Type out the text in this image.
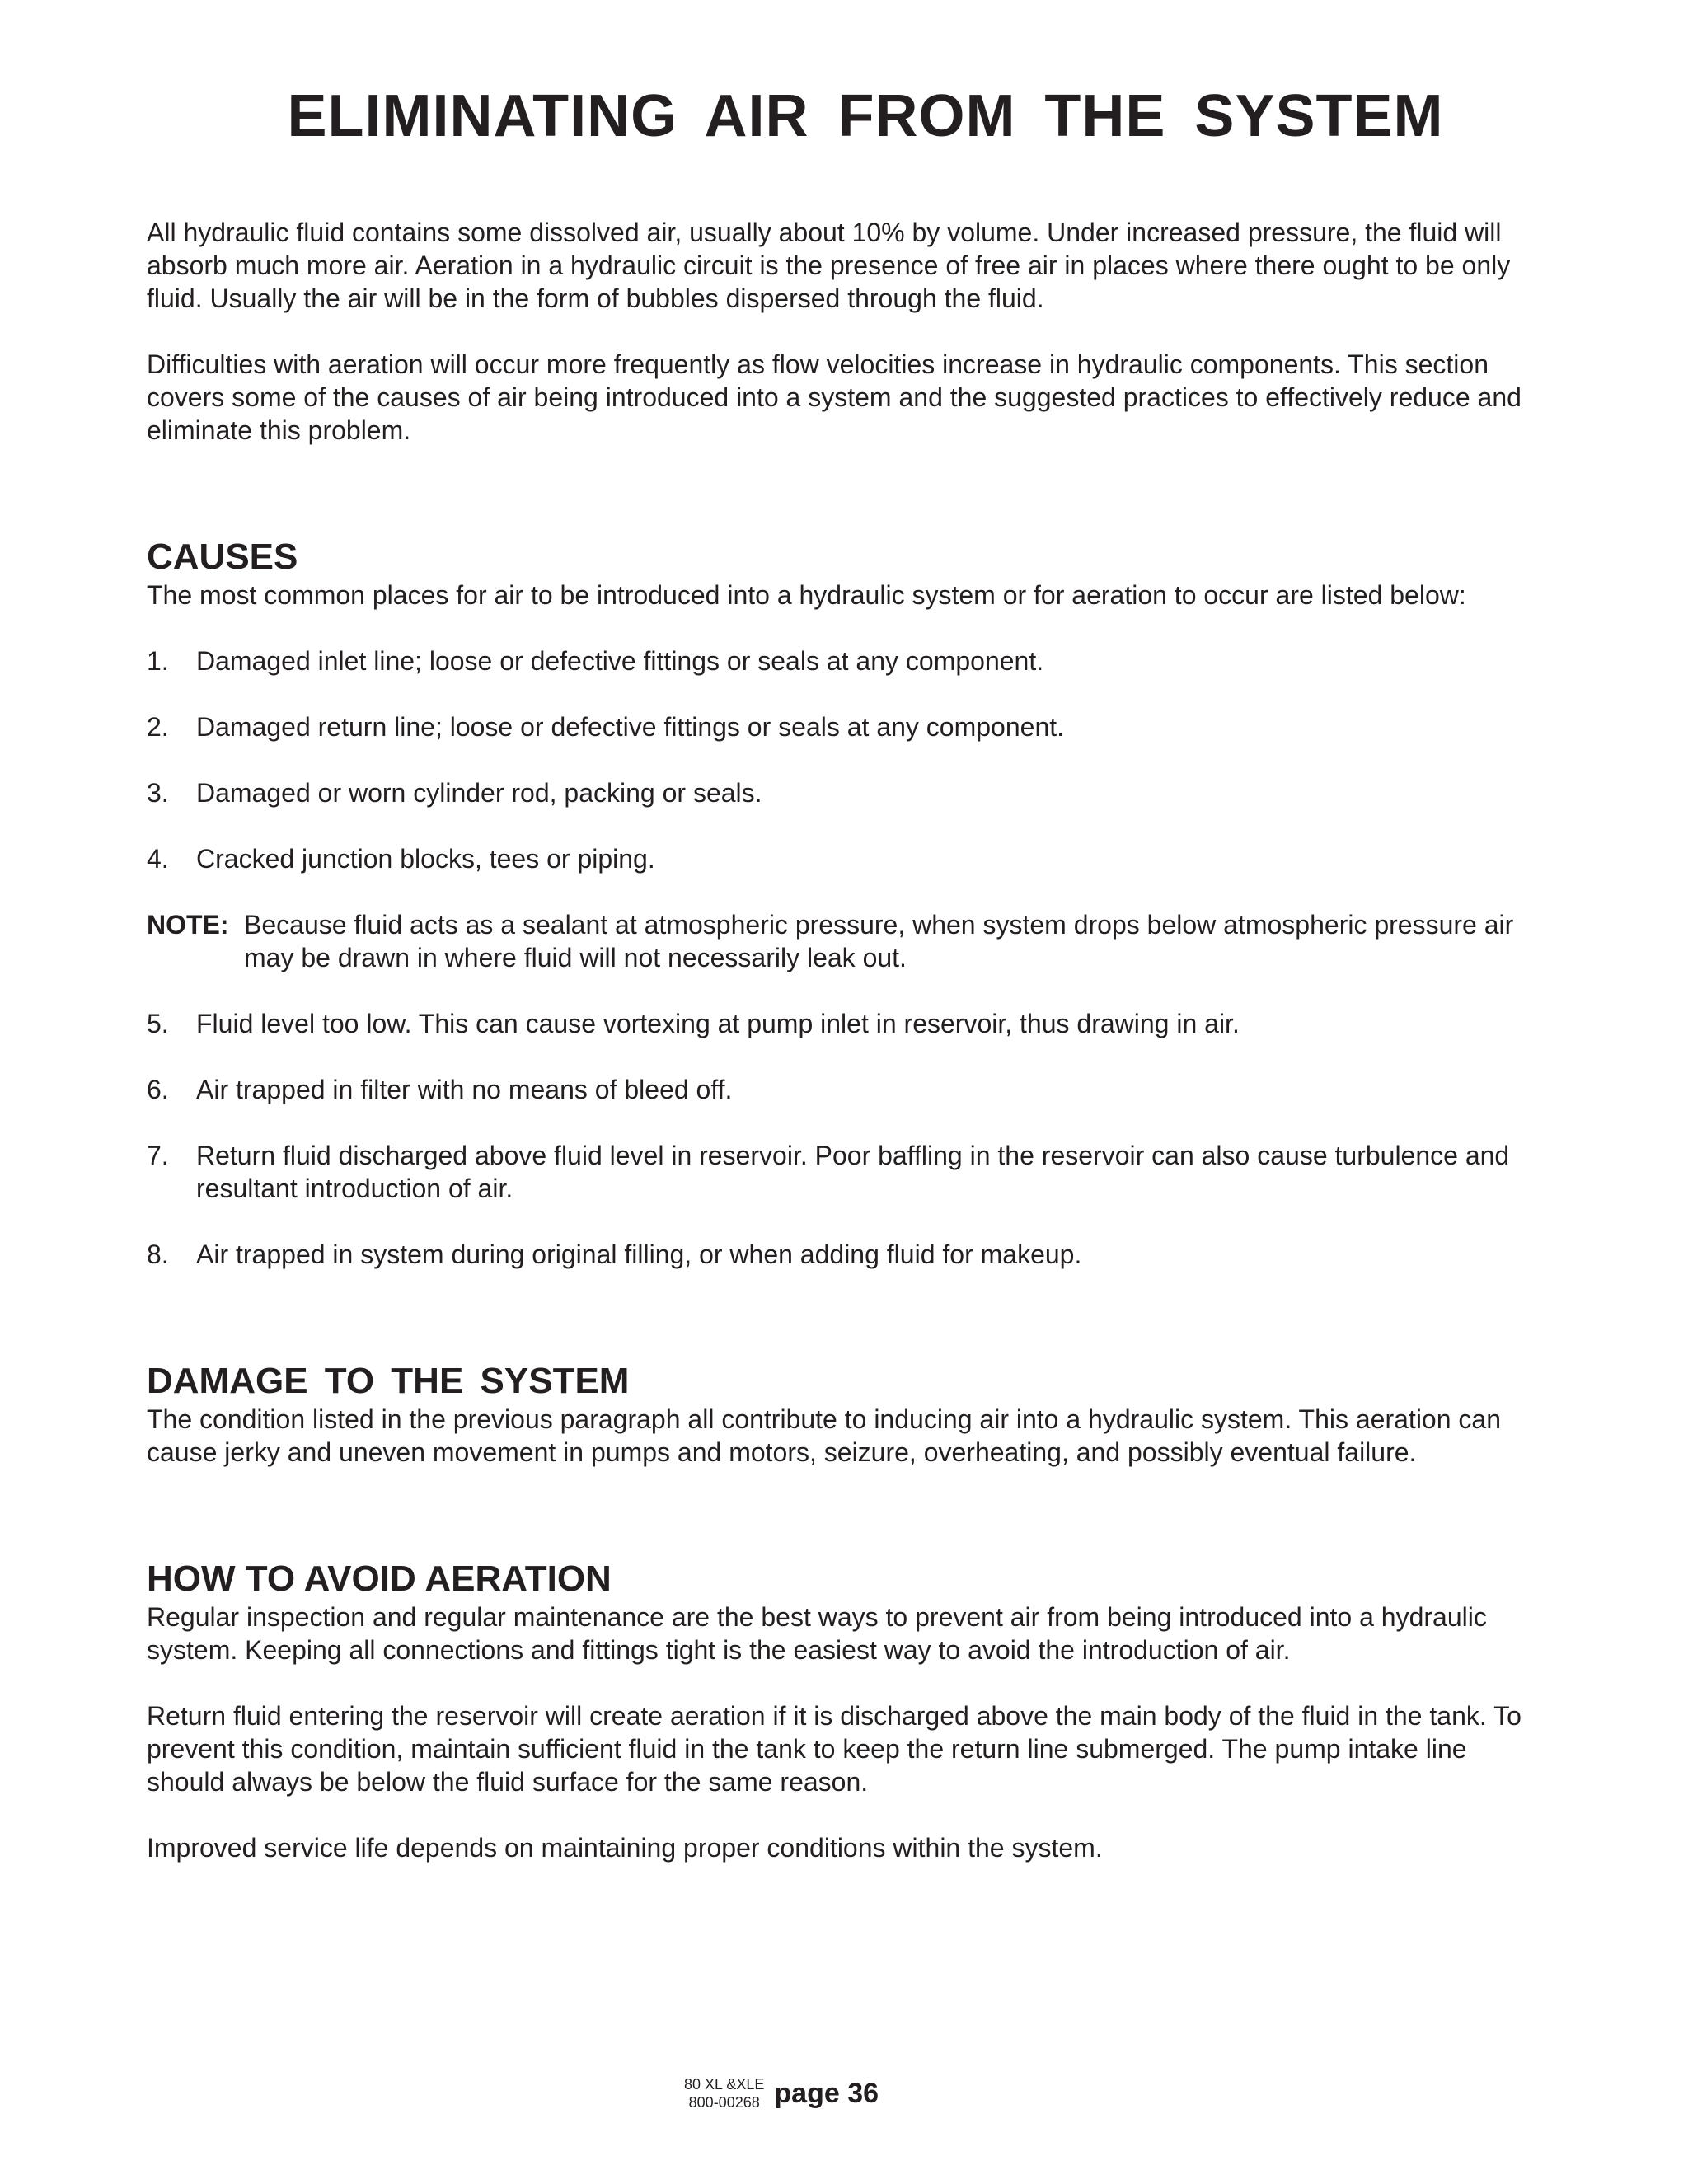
ELIMINATING AIR FROM THE SYSTEM

All hydraulic fluid contains some dissolved air, usually about 10% by volume. Under increased pressure, the fluid will absorb much more air. Aeration in a hydraulic circuit is the presence of free air in places where there ought to be only fluid. Usually the air will be in the form of bubbles dispersed through the fluid.

Difficulties with aeration will occur more frequently as flow velocities increase in hydraulic components. This section covers some of the causes of air being introduced into a system and the suggested practices to effectively reduce and eliminate this problem.

CAUSES

The most common places for air to be introduced into a hydraulic system or for aeration to occur are listed below:

1.	Damaged inlet line; loose or defective fittings or seals at any component.
2.	Damaged return line; loose or defective fittings or seals at any component.
3.	Damaged or worn cylinder rod, packing or seals.
4.	Cracked junction blocks, tees or piping.
NOTE: Because fluid acts as a sealant at atmospheric pressure, when system drops below atmospheric pressure air may be drawn in where fluid will not necessarily leak out.
5.	Fluid level too low. This can cause vortexing at pump inlet in reservoir, thus drawing in air.
6.	Air trapped in filter with no means of bleed off.
7.	Return fluid discharged above fluid level in reservoir. Poor baffling in the reservoir can also cause turbulence and resultant introduction of air.
8.	Air trapped in system during original filling, or when adding fluid for makeup.
DAMAGE TO THE SYSTEM

The condition listed in the previous paragraph all contribute to inducing air into a hydraulic system. This aeration can cause jerky and uneven movement in pumps and motors, seizure, overheating, and possibly eventual failure.

HOW TO AVOID AERATION

Regular inspection and regular maintenance are the best ways to prevent air from being introduced into a hydraulic system. Keeping all connections and fittings tight is the easiest way to avoid the introduction of air.

Return fluid entering the reservoir will create aeration if it is discharged above the main body of the fluid in the tank. To prevent this condition, maintain sufficient fluid in the tank to keep the return line submerged. The pump intake line should always be below the fluid surface for the same reason.

Improved service life depends on maintaining proper conditions within the system.

80 XL &XLE
800-00268 page 36
